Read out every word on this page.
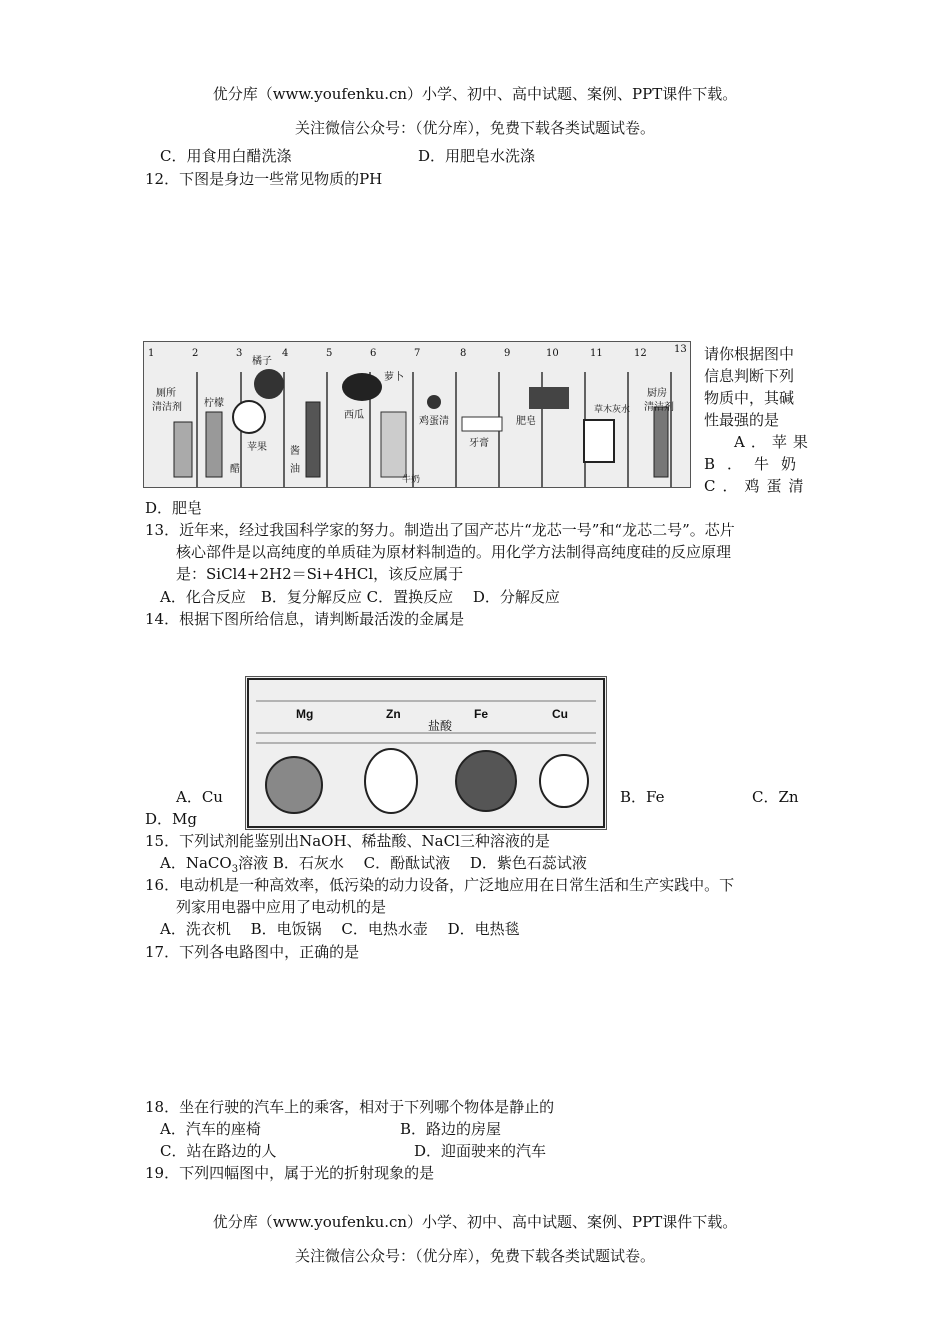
优分库（www.youfenku.cn）小学、初中、高中试题、案例、PPT课件下载。
关注微信公众号：（优分库），免费下载各类试题试卷。
C．用食用白醋洗涤	D．用肥皂水洗涤
12．下图是身边一些常见物质的PH
1	2	3	4	5	6	7	8	9	10	11	12	13
厕所
清洁剂 柠檬
橘子
苹果
醋
酱
油
西瓜
萝卜
鸡蛋清
牙膏
肥皂
草木灰水
厨房
清洁剂
牛奶
请你根据图中
信息判断下列
物质中，其碱
性最强的是
A．苹果
B．牛奶
C．鸡蛋清
D．肥皂
13．近年来，经过我国科学家的努力。制造出了国产芯片“龙芯一号”和“龙芯二号”。芯片
核心部件是以高纯度的单质硅为原材料制造的。用化学方法制得高纯度硅的反应原理
是：SiCl4+2H2＝Si+4HCl，该反应属于
A．化合反应　B．复分解反应 C．置换反应　 D．分解反应
14．根据下图所给信息，请判断最活泼的金属是
Mg	Zn	Fe	Cu
盐酸
A．Cu	B．Fe	C．Zn
D．Mg
15．下列试剂能鉴别出NaOH、稀盐酸、NaCl三种溶液的是
A．NaCO$_3$溶液 B．石灰水　 C．酚酞试液　 D．紫色石蕊试液
16．电动机是一种高效率，低污染的动力设备，广泛地应用在日常生活和生产实践中。下
列家用电器中应用了电动机的是
A．洗衣机　 B．电饭锅　 C．电热水壶　 D．电热毯
17．下列各电路图中，正确的是
18．坐在行驶的汽车上的乘客，相对于下列哪个物体是静止的
A．汽车的座椅	B．路边的房屋
C．站在路边的人	D．迎面驶来的汽车
19．下列四幅图中，属于光的折射现象的是
优分库（www.youfenku.cn）小学、初中、高中试题、案例、PPT课件下载。
关注微信公众号：（优分库），免费下载各类试题试卷。
